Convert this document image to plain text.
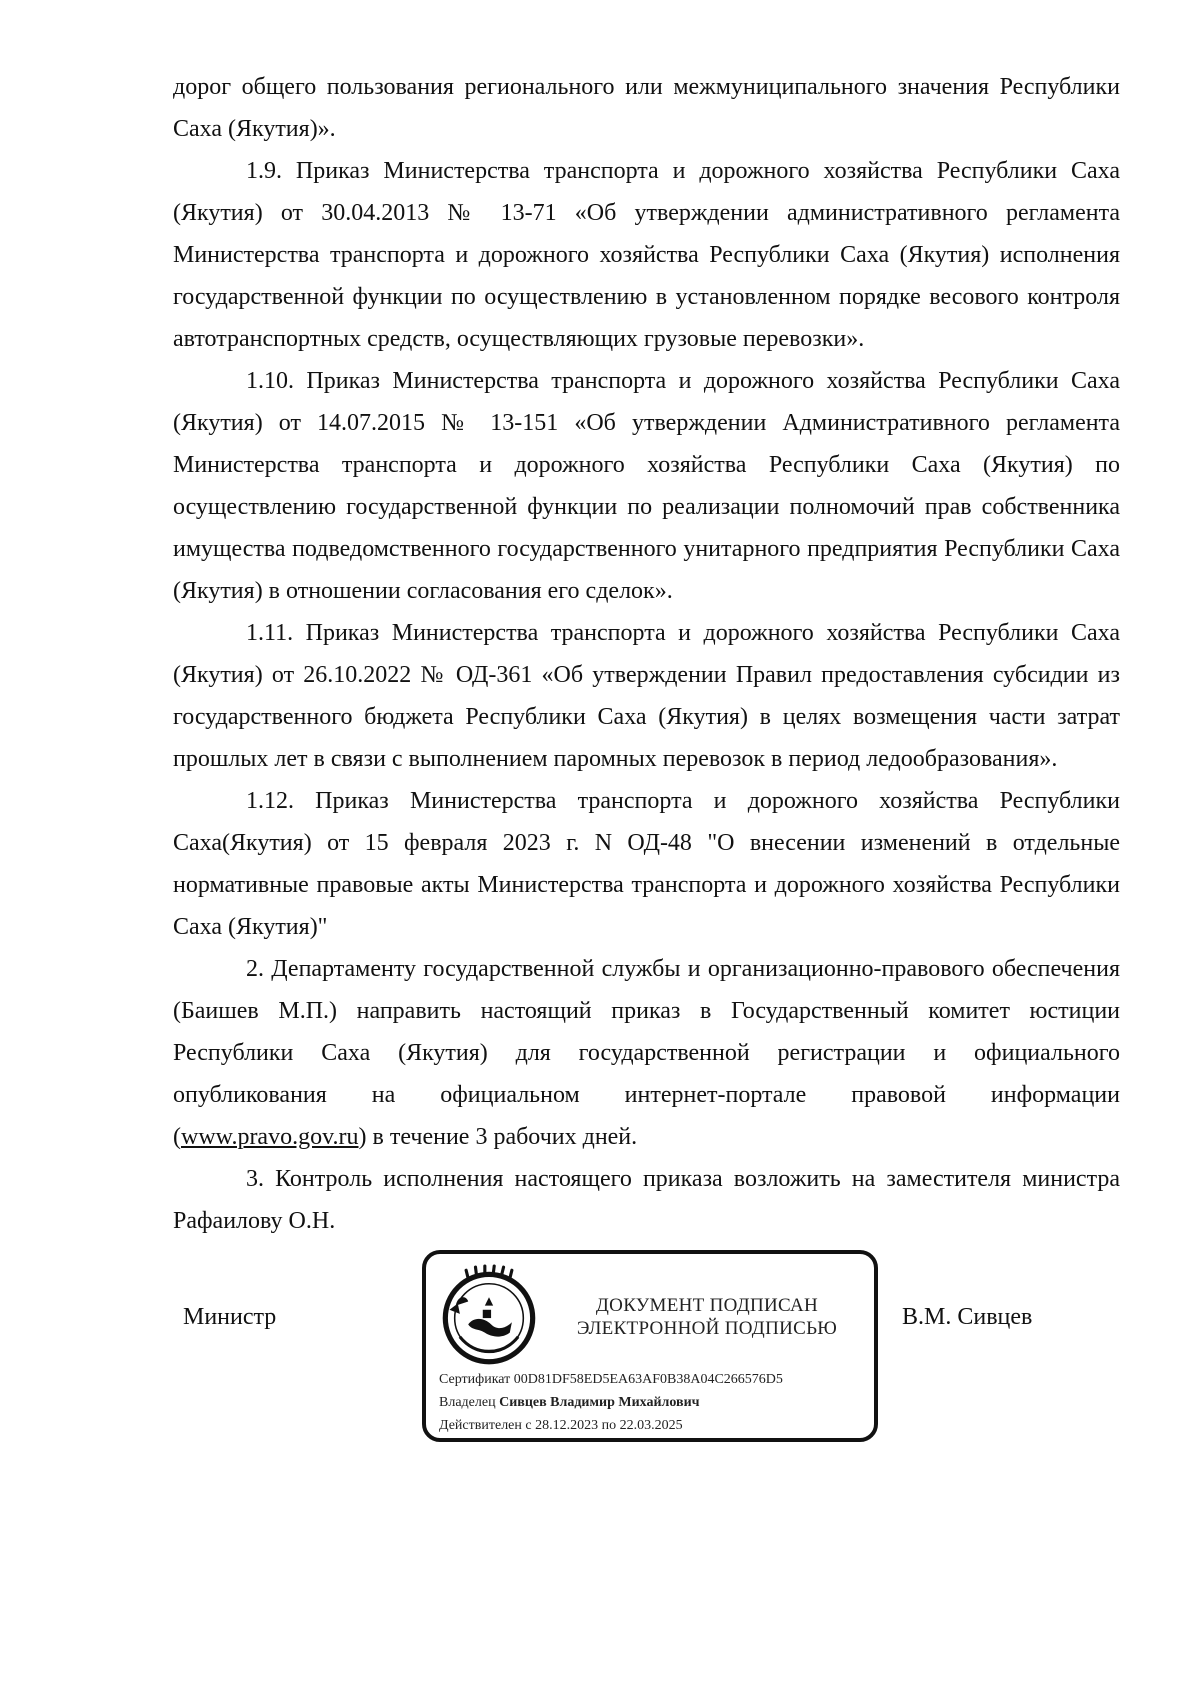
дорог общего пользования регионального или межмуниципального значения Республики Саха (Якутия)».

1.9. Приказ Министерства транспорта и дорожного хозяйства Республики Саха (Якутия) от 30.04.2013 № 13-71 «Об утверждении административного регламента Министерства транспорта и дорожного хозяйства Республики Саха (Якутия) исполнения государственной функции по осуществлению в установленном порядке весового контроля автотранспортных средств, осуществляющих грузовые перевозки».

1.10. Приказ Министерства транспорта и дорожного хозяйства Республики Саха (Якутия) от 14.07.2015 № 13-151 «Об утверждении Административного регламента Министерства транспорта и дорожного хозяйства Республики Саха (Якутия) по осуществлению государственной функции по реализации полномочий прав собственника имущества подведомственного государственного унитарного предприятия Республики Саха (Якутия) в отношении согласования его сделок».

1.11. Приказ Министерства транспорта и дорожного хозяйства Республики Саха (Якутия) от 26.10.2022 № ОД-361 «Об утверждении Правил предоставления субсидии из государственного бюджета Республики Саха (Якутия) в целях возмещения части затрат прошлых лет в связи с выполнением паромных перевозок в период ледообразования».

1.12. Приказ Министерства транспорта и дорожного хозяйства Республики Саха(Якутия) от 15 февраля 2023 г. N ОД-48 "О внесении изменений в отдельные нормативные правовые акты Министерства транспорта и дорожного хозяйства Республики Саха (Якутия)"

2. Департаменту государственной службы и организационно-правового обеспечения (Баишев М.П.) направить настоящий приказ в Государственный комитет юстиции Республики Саха (Якутия) для государственной регистрации и официального опубликования на официальном интернет-портале правовой информации (www.pravo.gov.ru) в течение 3 рабочих дней.

3. Контроль исполнения настоящего приказа возложить на заместителя министра Рафаилову О.Н.

Министр	ДОКУМЕНТ ПОДПИСАН
ЭЛЕКТРОННОЙ ПОДПИСЬЮ
Сертификат 00D81DF58ED5EA63AF0B38A04C266576D5
Владелец Сивцев Владимир Михайлович
Действителен с 28.12.2023 по 22.03.2025
В.М. Сивцев
